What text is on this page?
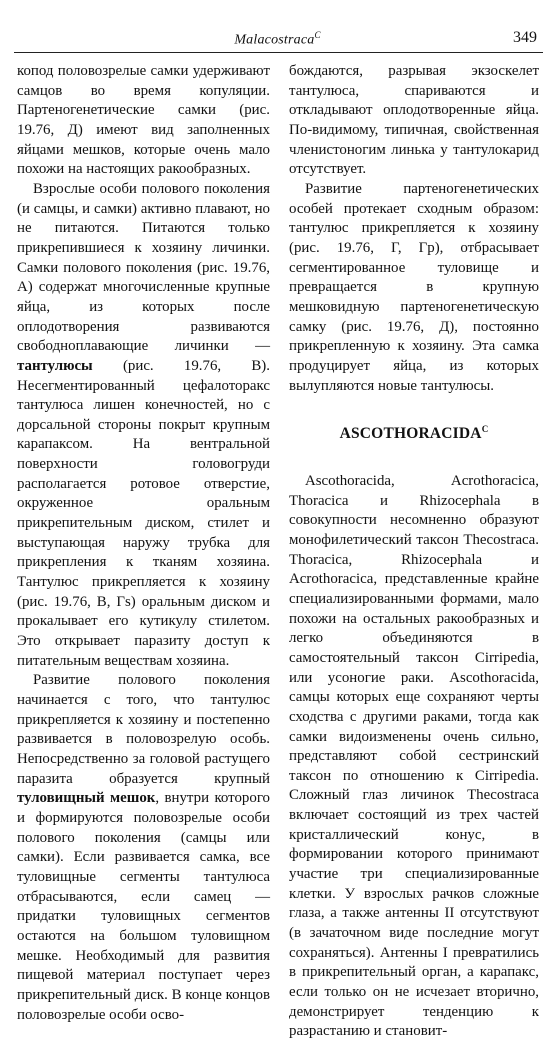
Malacostraca$^C$	349

копод половозрелые самки удерживают самцов во время копуляции. Партеногенетические самки (рис. 19.76, Д) имеют вид заполненных яйцами мешков, которые очень мало похожи на настоящих ракообразных.

Взрослые особи полового поколения (и самцы, и самки) активно плавают, но не питаются. Питаются только прикрепившиеся к хозяину личинки. Самки полового поколения (рис. 19.76, А) содержат многочисленные крупные яйца, из которых после оплодотворения развиваются свободноплавающие личинки — тантулюсы (рис. 19.76, В). Несегментированный цефалоторакс тантулюса лишен конечностей, но с дорсальной стороны покрыт крупным карапаксом. На вентральной поверхности головогруди располагается ротовое отверстие, окруженное оральным прикрепительным диском, стилет и выступающая наружу трубка для прикрепления к тканям хозяина. Тантулюс прикрепляется к хозяину (рис. 19.76, В, Гs) оральным диском и прокалывает его кутикулу стилетом. Это открывает паразиту доступ к питательным веществам хозяина.

Развитие полового поколения начинается с того, что тантулюс прикрепляется к хозяину и постепенно развивается в половозрелую особь. Непосредственно за головой растущего паразита образуется крупный туловищный мешок, внутри которого и формируются половозрелые особи полового поколения (самцы или самки). Если развивается самка, все туловищные сегменты тантулюса отбрасываются, если самец — придатки туловищных сегментов остаются на большом туловищном мешке. Необходимый для развития пищевой материал поступает через прикрепительный диск. В конце концов половозрелые особи осво-

бождаются, разрывая экзоскелет тантулюса, спариваются и откладывают оплодотворенные яйца. По-видимому, типичная, свойственная членистоногим линька у тантулокарид отсутствует.

Развитие партеногенетических особей протекает сходным образом: тантулюс прикрепляется к хозяину (рис. 19.76, Г, Гp), отбрасывает сегментированное туловище и превращается в крупную мешковидную партеногенетическую самку (рис. 19.76, Д), постоянно прикрепленную к хозяину. Эта самка продуцирует яйца, из которых вылупляются новые тантулюсы.

$ASCOTHORACIDA^C$

Ascothoracida, Acrothoracica, Thoracica и Rhizocephala в совокупности несомненно образуют монофилетический таксон Thecostraca. Thoracica, Rhizocephala и Acrothoracica, представленные крайне специализированными формами, мало похожи на остальных ракообразных и легко объединяются в самостоятельный таксон Cirripedia, или усоногие раки. Ascothoracida, самцы которых еще сохраняют черты сходства с другими раками, тогда как самки видоизменены очень сильно, представляют собой сестринский таксон по отношению к Cirripedia. Сложный глаз личинок Thecostraca включает состоящий из трех частей кристаллический конус, в формировании которого принимают участие три специализированные клетки. У взрослых рачков сложные глаза, а также антенны II отсутствуют (в зачаточном виде последние могут сохраняться). Антенны I превратились в прикрепительный орган, а карапакс, если только он не исчезает вторично, демонстрирует тенденцию к разрастанию и становит-
